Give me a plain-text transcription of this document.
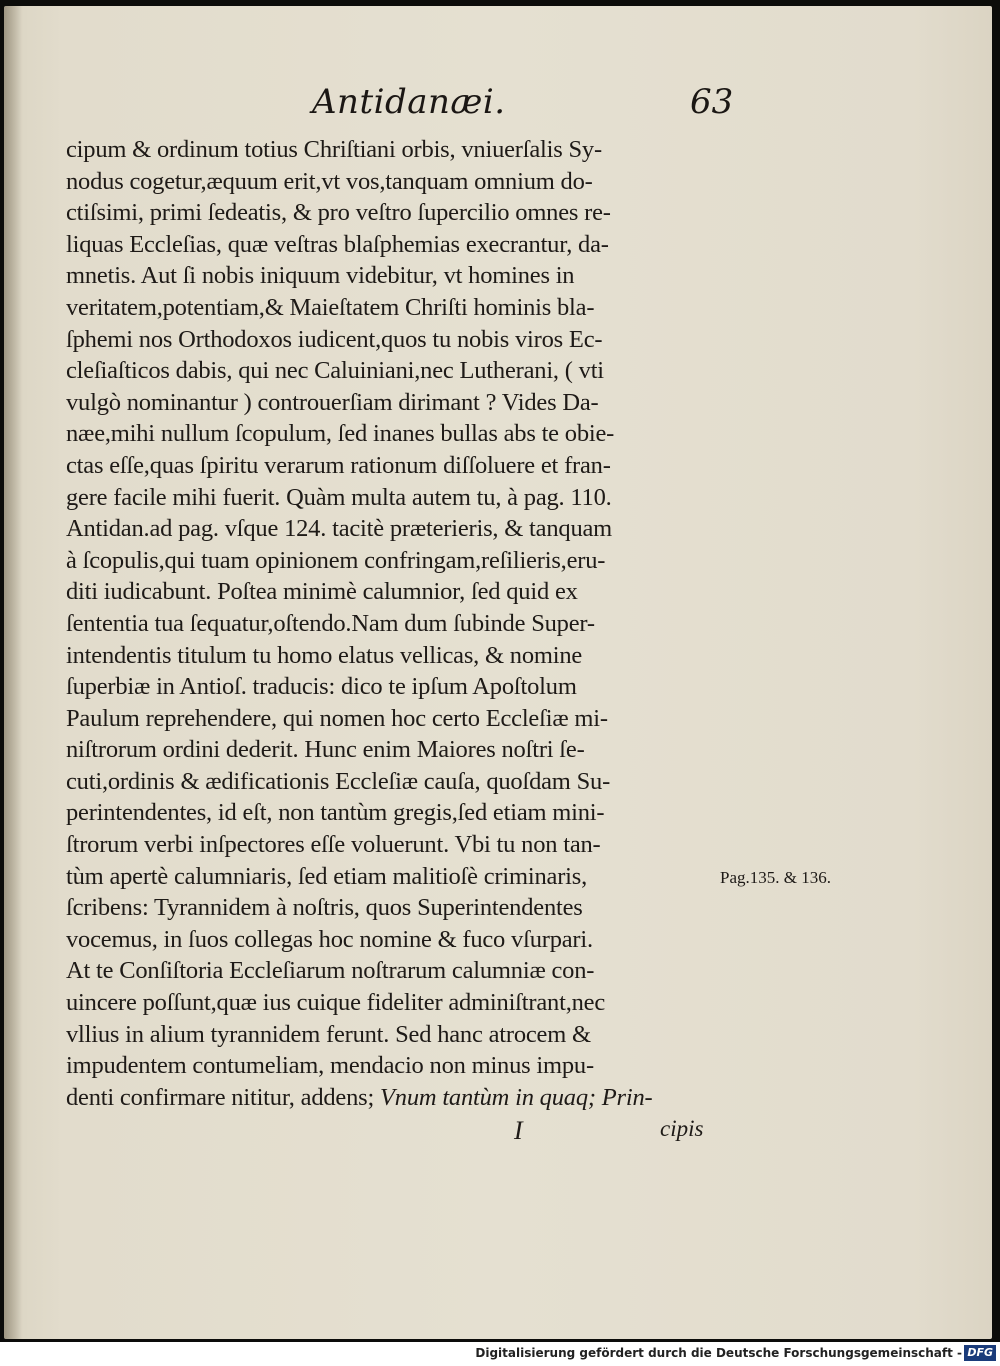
Antidanæi.	63
cipum & ordinum totius Chriſtiani orbis, vniuerſalis Sy-
nodus cogetur,æquum erit,vt vos,tanquam omnium do-
ctiſsimi, primi ſedeatis, & pro veſtro ſupercilio omnes re-
liquas Eccleſias, quæ veſtras blaſphemias execrantur, da-
mnetis. Aut ſi nobis iniquum videbitur, vt homines in
veritatem,potentiam,& Maieſtatem Chriſti hominis bla-
ſphemi nos Orthodoxos iudicent,quos tu nobis viros Ec-
cleſiaſticos dabis, qui nec Caluiniani,nec Lutherani, ( vti
vulgò nominantur ) controuerſiam dirimant ? Vides Da-
næe,mihi nullum ſcopulum, ſed inanes bullas abs te obie-
ctas eſſe,quas ſpiritu verarum rationum diſſoluere et fran-
gere facile mihi fuerit. Quàm multa autem tu, à pag. 110.
Antidan.ad pag. vſque 124. tacitè præterieris, & tanquam
à ſcopulis,qui tuam opinionem confringam,reſilieris,eru-
diti iudicabunt. Poſtea minimè calumnior, ſed quid ex
ſententia tua ſequatur,oſtendo.Nam dum ſubinde Super-
intendentis titulum tu homo elatus vellicas, & nomine
ſuperbiæ in Antioſ. traducis: dico te ipſum Apoſtolum
Paulum reprehendere, qui nomen hoc certo Eccleſiæ mi-
niſtrorum ordini dederit. Hunc enim Maiores noſtri ſe-
cuti,ordinis & ædificationis Eccleſiæ cauſa, quoſdam Su-
perintendentes, id eſt, non tantùm gregis,ſed etiam mini-
ſtrorum verbi inſpectores eſſe voluerunt. Vbi tu non tan-
tùm apertè calumniaris, ſed etiam malitioſè criminaris,
ſcribens: Tyrannidem à noſtris, quos Superintendentes
vocemus, in ſuos collegas hoc nomine & fuco vſurpari.
At te Conſiſtoria Eccleſiarum noſtrarum calumniæ con-
uincere poſſunt,quæ ius cuique fideliter adminiſtrant,nec
vllius in alium tyrannidem ferunt. Sed hanc atrocem &
impudentem contumeliam, mendacio non minus impu-
denti confirmare nititur, addens; Vnum tantùm in quaq; Prin-
Pag.135. & 136.
I	cipis
Digitalisierung gefördert durch die Deutsche Forschungsgemeinschaft - DFG
